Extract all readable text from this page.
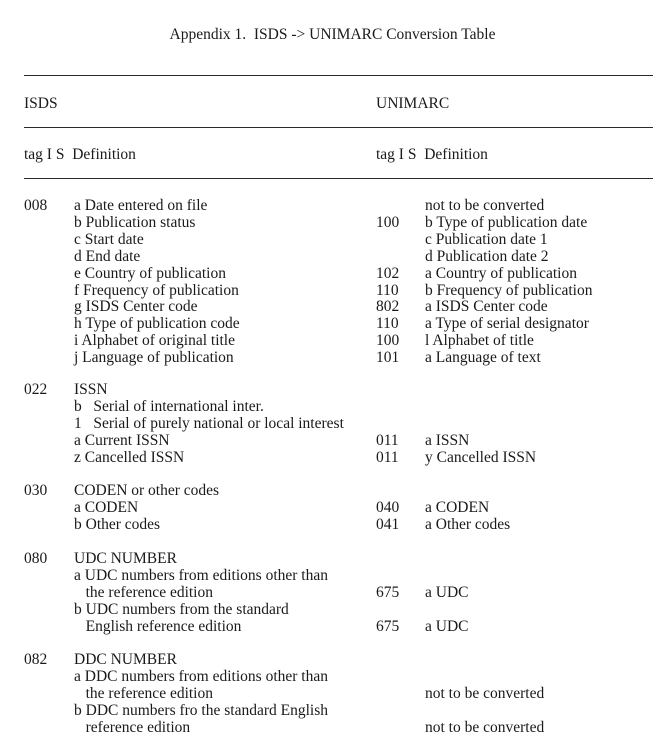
Appendix 1.  ISDS -> UNIMARC Conversion Table
ISDS	UNIMARC
tag I S  Definition	tag I S  Definition
008 a Date entered on file	not to be converted
b Publication status	100 b Type of publication date
c Start date	c Publication date 1
d End date	d Publication date 2
e Country of publication	102 a Country of publication
f Frequency of publication	110 b Frequency of publication
g ISDS Center code	802 a ISDS Center code
h Type of publication code	110 a Type of serial designator
i Alphabet of original title	100 l Alphabet of title
j Language of publication	101 a Language of text
022 ISSN
b   Serial of international inter.
1   Serial of purely national or local interest
a Current ISSN	011 a ISSN
z Cancelled ISSN	011 y Cancelled ISSN
030 CODEN or other codes
a CODEN	040 a CODEN
b Other codes	041 a Other codes
080 UDC NUMBER
a UDC numbers from editions other than
the reference edition	675 a UDC
b UDC numbers from the standard
English reference edition	675 a UDC
082 DDC NUMBER
a DDC numbers from editions other than
the reference edition	not to be converted
b DDC numbers fro the standard English
reference edition	not to be converted
